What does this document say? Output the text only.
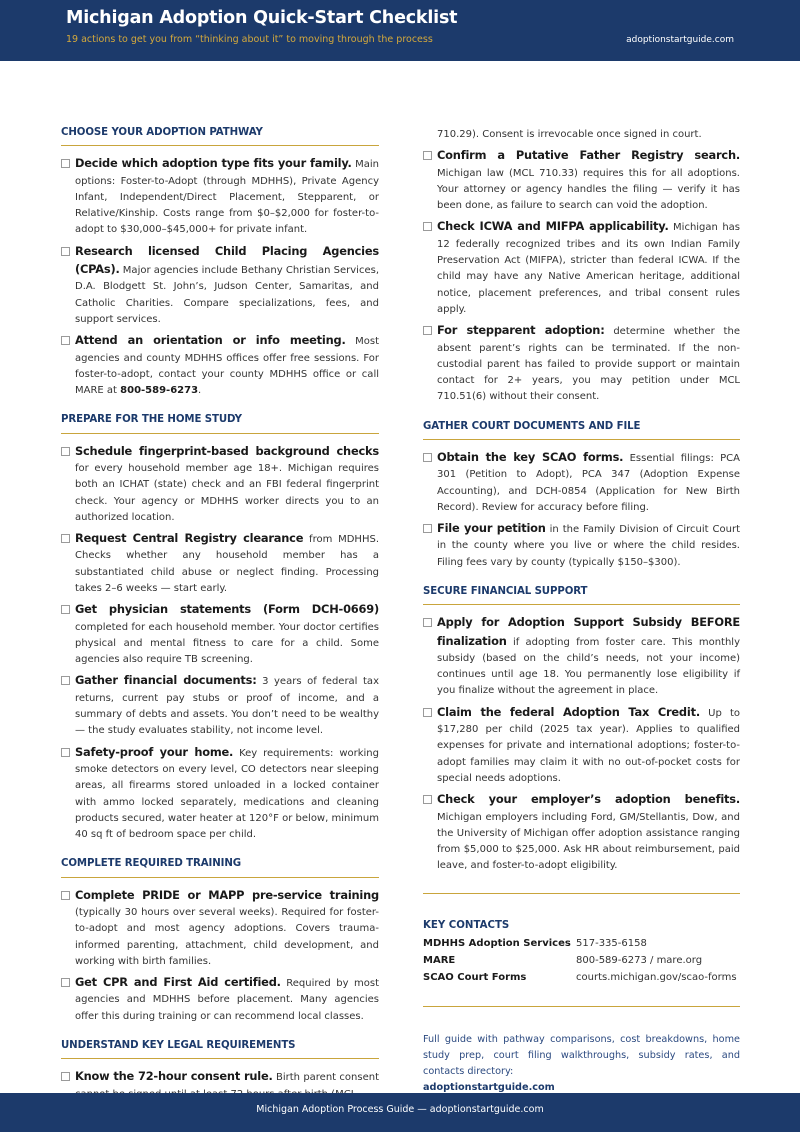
Michigan Adoption Quick-Start Checklist
19 actions to get you from “thinking about it” to moving through the process	adoptionstartguide.com
CHOOSE YOUR ADOPTION PATHWAY
Decide which adoption type fits your family. Main options: Foster-to-Adopt (through MDHHS), Private Agency Infant, Independent/Direct Placement, Stepparent, or Relative/Kinship. Costs range from $0–$2,000 for foster-to-adopt to $30,000–$45,000+ for private infant.
Research licensed Child Placing Agencies (CPAs). Major agencies include Bethany Christian Services, D.A. Blodgett St. John’s, Judson Center, Samaritas, and Catholic Charities. Compare specializations, fees, and support services.
Attend an orientation or info meeting. Most agencies and county MDHHS offices offer free sessions. For foster-to-adopt, contact your county MDHHS office or call MARE at 800-589-6273.
PREPARE FOR THE HOME STUDY
Schedule fingerprint-based background checks for every household member age 18+. Michigan requires both an ICHAT (state) check and an FBI federal fingerprint check. Your agency or MDHHS worker directs you to an authorized location.
Request Central Registry clearance from MDHHS. Checks whether any household member has a substantiated child abuse or neglect finding. Processing takes 2–6 weeks — start early.
Get physician statements (Form DCH-0669) completed for each household member. Your doctor certifies physical and mental fitness to care for a child. Some agencies also require TB screening.
Gather financial documents: 3 years of federal tax returns, current pay stubs or proof of income, and a summary of debts and assets. You don’t need to be wealthy — the study evaluates stability, not income level.
Safety-proof your home. Key requirements: working smoke detectors on every level, CO detectors near sleeping areas, all firearms stored unloaded in a locked container with ammo locked separately, medications and cleaning products secured, water heater at 120°F or below, minimum 40 sq ft of bedroom space per child.
COMPLETE REQUIRED TRAINING
Complete PRIDE or MAPP pre-service training (typically 30 hours over several weeks). Required for foster-to-adopt and most agency adoptions. Covers trauma-informed parenting, attachment, child development, and working with birth families.
Get CPR and First Aid certified. Required by most agencies and MDHHS before placement. Many agencies offer this during training or can recommend local classes.
UNDERSTAND KEY LEGAL REQUIREMENTS
Know the 72-hour consent rule. Birth parent consent
710.29). Consent is irrevocable once signed in court.
Confirm a Putative Father Registry search. Michigan law (MCL 710.33) requires this for all adoptions. Your attorney or agency handles the filing — verify it has been done, as failure to search can void the adoption.
Check ICWA and MIFPA applicability. Michigan has 12 federally recognized tribes and its own Indian Family Preservation Act (MIFPA), stricter than federal ICWA. If the child may have any Native American heritage, additional notice, placement preferences, and tribal consent rules apply.
For stepparent adoption: determine whether the absent parent’s rights can be terminated. If the non-custodial parent has failed to provide support or maintain contact for 2+ years, you may petition under MCL 710.51(6) without their consent.
GATHER COURT DOCUMENTS AND FILE
Obtain the key SCAO forms. Essential filings: PCA 301 (Petition to Adopt), PCA 347 (Adoption Expense Accounting), and DCH-0854 (Application for New Birth Record). Review for accuracy before filing.
File your petition in the Family Division of Circuit Court in the county where you live or where the child resides. Filing fees vary by county (typically $150–$300).
SECURE FINANCIAL SUPPORT
Apply for Adoption Support Subsidy BEFORE finalization if adopting from foster care. This monthly subsidy (based on the child’s needs, not your income) continues until age 18. You permanently lose eligibility if you finalize without the agreement in place.
Claim the federal Adoption Tax Credit. Up to $17,280 per child (2025 tax year). Applies to qualified expenses for private and international adoptions; foster-to-adopt families may claim it with no out-of-pocket costs for special needs adoptions.
Check your employer’s adoption benefits. Michigan employers including Ford, GM/Stellantis, Dow, and the University of Michigan offer adoption assistance ranging from $5,000 to $25,000. Ask HR about reimbursement, paid leave, and foster-to-adopt eligibility.
KEY CONTACTS
MDHHS Adoption Services 517-335-6158
MARE	800-589-6273 / mare.org
SCAO Court Forms	courts.michigan.gov/scao-forms
Full guide with pathway comparisons, cost breakdowns, home study prep, court filing walkthroughs, subsidy rates, and contacts directory:
adoptionstartguide.com
Michigan Adoption Process Guide — adoptionstartguide.com
